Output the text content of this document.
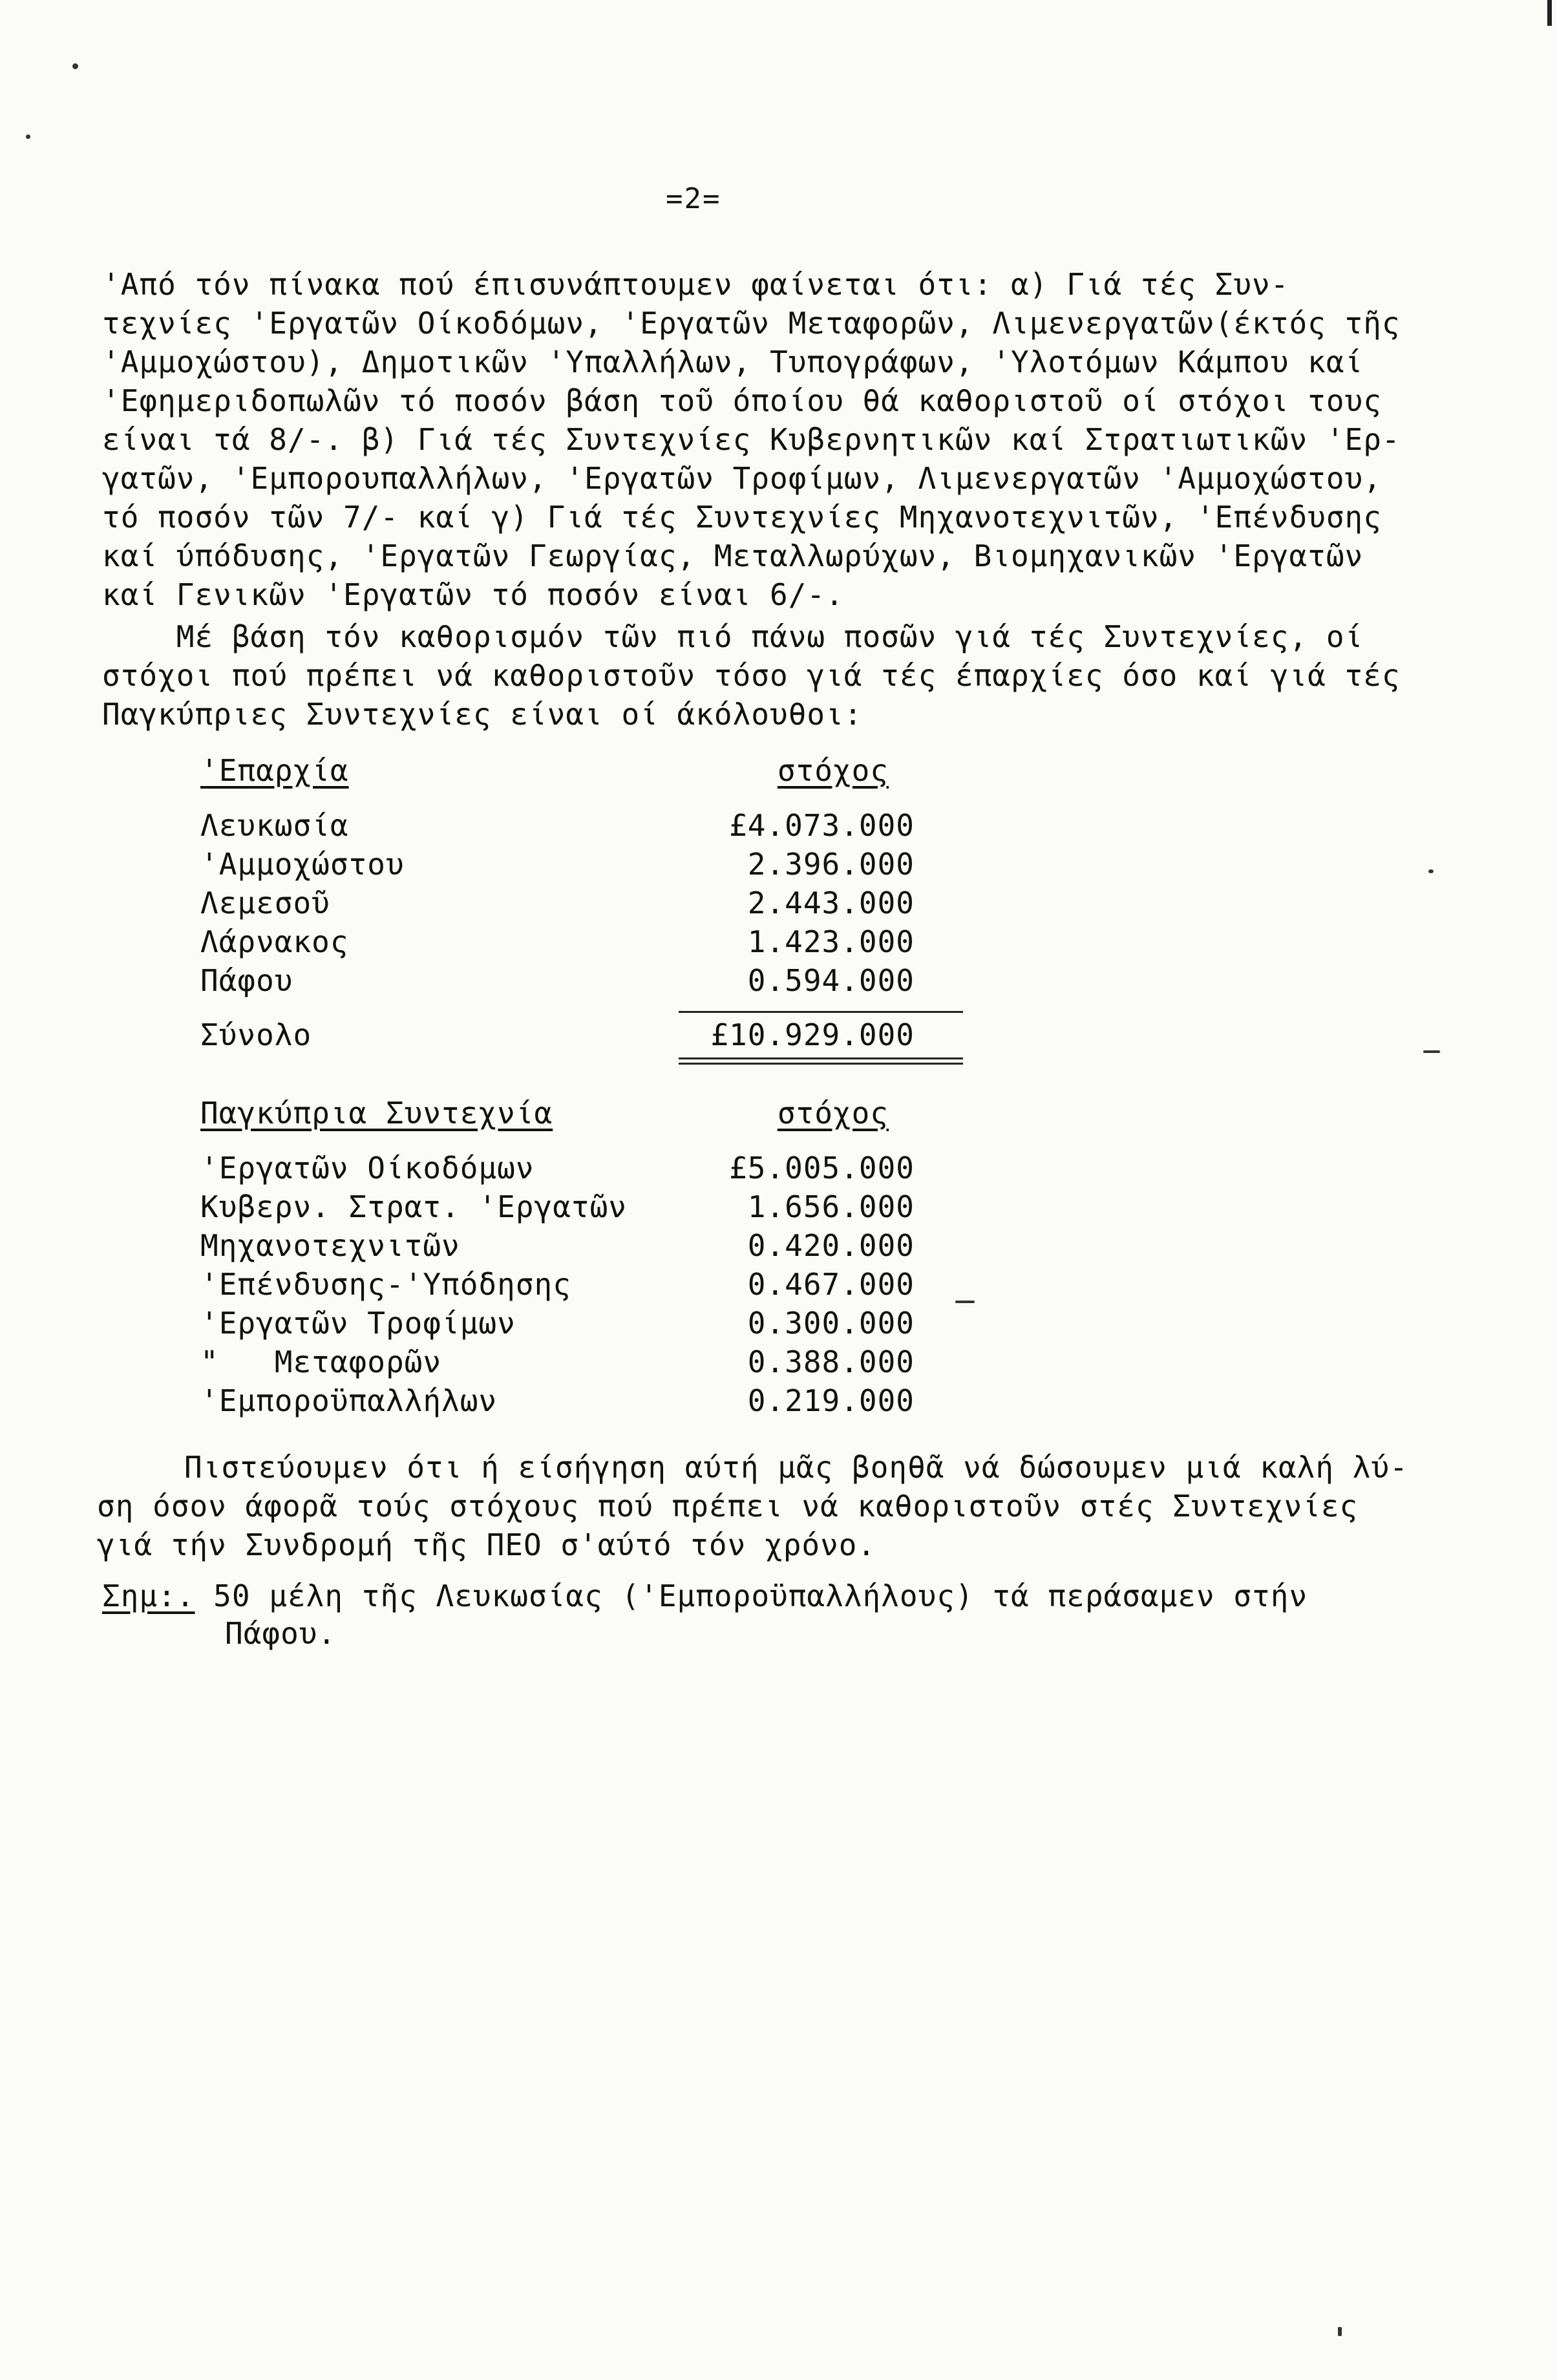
=2=
'Από τόν πίνακα πού έπισυνάπτουμεν φαίνεται ότι: α) Γιά τές Συν-
τεχνίες 'Εργατῶν Οίκοδόμων, 'Εργατῶν Μεταφορῶν, Λιμενεργατῶν(έκτός τῆς
'Αμμοχώστου), Δημοτικῶν 'Υπαλλήλων, Τυπογράφων, 'Υλοτόμων Κάμπου καί
'Εφημεριδοπωλῶν τό ποσόν βάση τοῦ όποίου θά καθοριστοῦ οί στόχοι τους
είναι τά 8/-. β) Γιά τές Συντεχνίες Κυβερνητικῶν καί Στρατιωτικῶν 'Ερ-
γατῶν, 'Εμπορουπαλλήλων, 'Εργατῶν Τροφίμων, Λιμενεργατῶν 'Αμμοχώστου,
τό ποσόν τῶν 7/- καί γ) Γιά τές Συντεχνίες Μηχανοτεχνιτῶν, 'Επένδυσης
καί ύπόδυσης, 'Εργατῶν Γεωργίας, Μεταλλωρύχων, Βιομηχανικῶν 'Εργατῶν
καί Γενικῶν 'Εργατῶν τό ποσόν είναι 6/-.
Μέ βάση τόν καθορισμόν τῶν πιό πάνω ποσῶν γιά τές Συντεχνίες, οί
στόχοι πού πρέπει νά καθοριστοῦν τόσο γιά τές έπαρχίες όσο καί γιά τές
Παγκύπριες Συντεχνίες είναι οί άκόλουθοι:
'Επαρχία	στόχος
Λευκωσία	£4.073.000
'Αμμοχώστου	2.396.000
Λεμεσοῦ	2.443.000
Λάρνακος	1.423.000
Πάφου	0.594.000
Σύνολο	£10.929.000
Παγκύπρια Συντεχνία	στόχος
'Εργατῶν Οίκοδόμων	£5.005.000
Κυβερν. Στρατ. 'Εργατῶν	1.656.000
Μηχανοτεχνιτῶν	0.420.000
'Επένδυσης-'Υπόδησης	0.467.000
'Εργατῶν Τροφίμων	0.300.000
"   Μεταφορῶν	0.388.000
'Εμποροϋπαλλήλων	0.219.000
Πιστεύουμεν ότι ή είσήγηση αύτή μᾶς βοηθᾶ νά δώσουμεν μιά καλή λύ-
ση όσον άφορᾶ τούς στόχους πού πρέπει νά καθοριστοῦν στές Συντεχνίες
γιά τήν Συνδρομή τῆς ΠΕΟ σ'αύτό τόν χρόνο.
Σημ:. 50 μέλη τῆς Λευκωσίας ('Εμποροϋπαλλήλους) τά περάσαμεν στήν
Πάφου.
